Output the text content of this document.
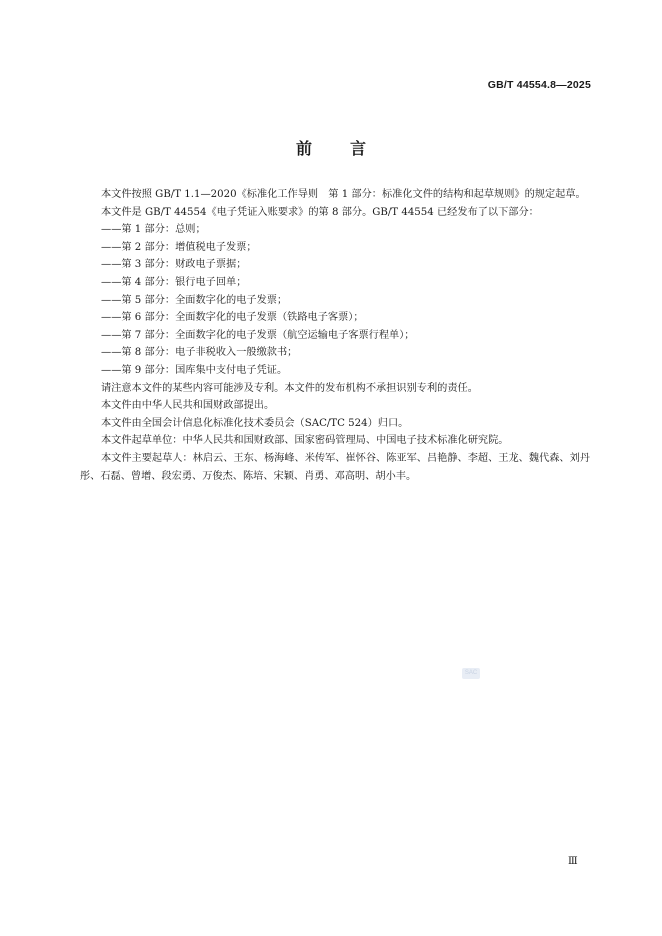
GB/T 44554.8—2025
前言

本文件按照 GB/T 1.1—2020《标准化工作导则　第 1 部分：标准化文件的结构和起草规则》的规定起草。

本文件是 GB/T 44554《电子凭证入账要求》的第 8 部分。GB/T 44554 已经发布了以下部分：

——第 1 部分：总则；

——第 2 部分：增值税电子发票；

——第 3 部分：财政电子票据；

——第 4 部分：银行电子回单；

——第 5 部分：全面数字化的电子发票；

——第 6 部分：全面数字化的电子发票（铁路电子客票）；

——第 7 部分：全面数字化的电子发票（航空运输电子客票行程单）；

——第 8 部分：电子非税收入一般缴款书；

——第 9 部分：国库集中支付电子凭证。

请注意本文件的某些内容可能涉及专利。本文件的发布机构不承担识别专利的责任。

本文件由中华人民共和国财政部提出。

本文件由全国会计信息化标准化技术委员会（SAC/TC 524）归口。

本文件起草单位：中华人民共和国财政部、国家密码管理局、中国电子技术标准化研究院。

本文件主要起草人：林启云、王东、杨海峰、米传军、崔怀谷、陈亚军、吕艳静、李超、王龙、魏代森、刘丹彤、石磊、曾增、段宏勇、万俊杰、陈培、宋颖、肖勇、邓高明、胡小丰。

SAC
Ⅲ
